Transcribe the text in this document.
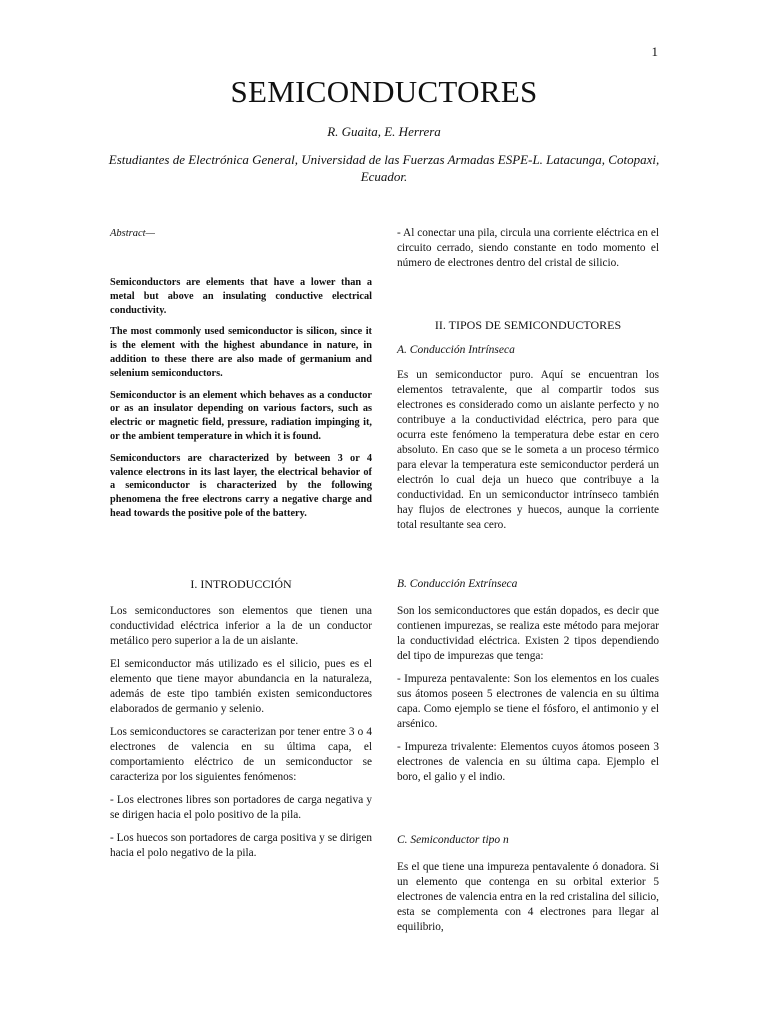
1
SEMICONDUCTORES
R. Guaita, E. Herrera
Estudiantes de Electrónica General, Universidad de las Fuerzas Armadas ESPE-L. Latacunga, Cotopaxi, Ecuador.

Abstract—

Semiconductors are elements that have a lower than a metal but above an insulating conductive electrical conductivity.

The most commonly used semiconductor is silicon, since it is the element with the highest abundance in nature, in addition to these there are also made of germanium and selenium semiconductors.

Semiconductor is an element which behaves as a conductor or as an insulator depending on various factors, such as electric or magnetic field, pressure, radiation impinging it, or the ambient temperature in which it is found.

Semiconductors are characterized by between 3 or 4 valence electrons in its last layer, the electrical behavior of a semiconductor is characterized by the following phenomena the free electrons carry a negative charge and head towards the positive pole of the battery.

I. INTRODUCCIÓN

Los semiconductores son elementos que tienen una conductividad eléctrica inferior a la de un conductor metálico pero superior a la de un aislante.

El semiconductor más utilizado es el silicio, pues es el elemento que tiene mayor abundancia en la naturaleza, además de este tipo también existen semiconductores elaborados de germanio y selenio.

Los semiconductores se caracterizan por tener entre 3 o 4 electrones de valencia en su última capa, el comportamiento eléctrico de un semiconductor se caracteriza por los siguientes fenómenos:

- Los electrones libres son portadores de carga negativa y se dirigen hacia el polo positivo de la pila.

- Los huecos son portadores de carga positiva y se dirigen hacia el polo negativo de la pila.

- Al conectar una pila, circula una corriente eléctrica en el circuito cerrado, siendo constante en todo momento el número de electrones dentro del cristal de silicio.

II. TIPOS DE SEMICONDUCTORES

A. Conducción Intrínseca

Es un semiconductor puro. Aquí se encuentran los elementos tetravalente, que al compartir todos sus electrones es considerado como un aislante perfecto y no contribuye a la conductividad eléctrica, pero para que ocurra este fenómeno la temperatura debe estar en cero absoluto. En caso que se le someta a un proceso térmico para elevar la temperatura este semiconductor perderá un electrón lo cual deja un hueco que contribuye a la conductividad. En un semiconductor intrínseco también hay flujos de electrones y huecos, aunque la corriente total resultante sea cero.

B. Conducción Extrínseca

Son los semiconductores que están dopados, es decir que contienen impurezas, se realiza este método para mejorar la conductividad eléctrica. Existen 2 tipos dependiendo del tipo de impurezas que tenga:

- Impureza pentavalente: Son los elementos en los cuales sus átomos poseen 5 electrones de valencia en su última capa. Como ejemplo se tiene el fósforo, el antimonio y el arsénico.

- Impureza trivalente: Elementos cuyos átomos poseen 3 electrones de valencia en su última capa. Ejemplo el boro, el galio y el indio.

C. Semiconductor tipo n

Es el que tiene una impureza pentavalente ó donadora. Si un elemento que contenga en su orbital exterior 5 electrones de valencia entra en la red cristalina del silicio, esta se complementa con 4 electrones para llegar al equilibrio,
